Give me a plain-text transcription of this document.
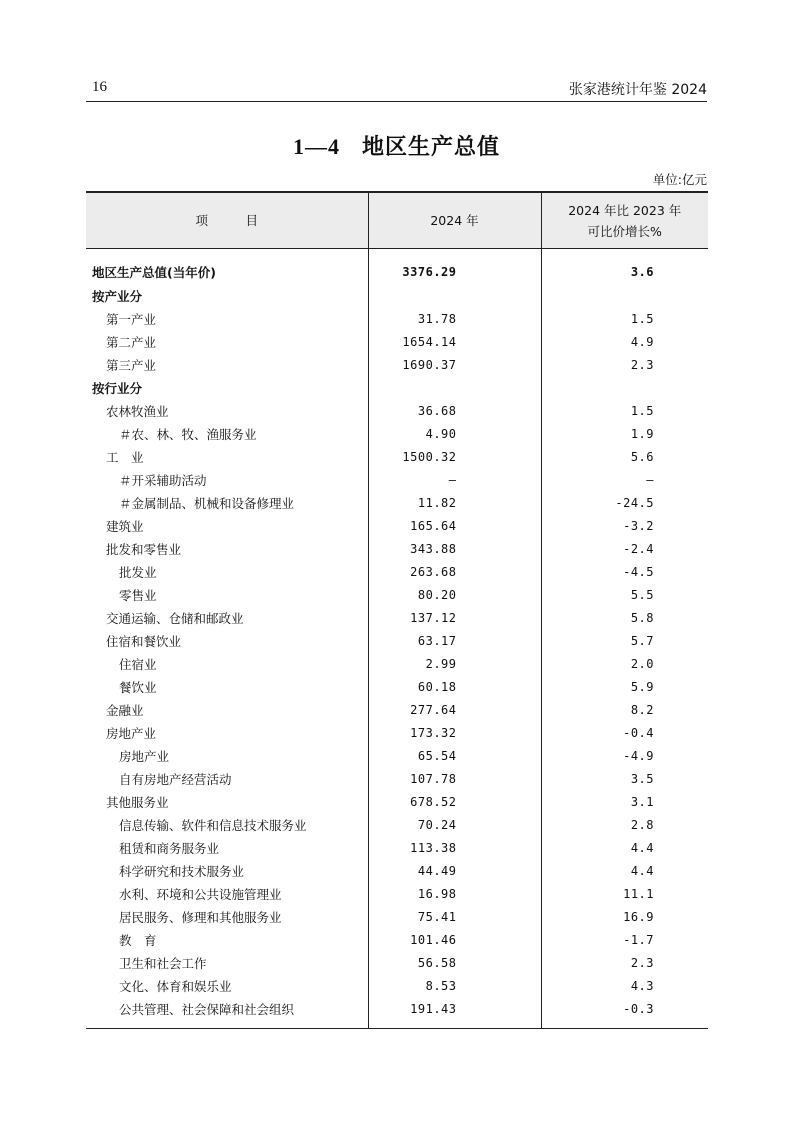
16	张家港统计年鉴 2024
1—4 地区生产总值
单位:亿元
项　　　目	2024 年	2024 年比 2023 年
可比价增长%

地区生产总值(当年价)	3376.29	3.6
按产业分		
第一产业	31.78	1.5
第二产业	1654.14	4.9
第三产业	1690.37	2.3
按行业分		
农林牧渔业	36.68	1.5
＃农、林、牧、渔服务业	4.90	1.9
工　业	1500.32	5.6
＃开采辅助活动	—	—
＃金属制品、机械和设备修理业	11.82	-24.5
建筑业	165.64	-3.2
批发和零售业	343.88	-2.4
批发业	263.68	-4.5
零售业	80.20	5.5
交通运输、仓储和邮政业	137.12	5.8
住宿和餐饮业	63.17	5.7
住宿业	2.99	2.0
餐饮业	60.18	5.9
金融业	277.64	8.2
房地产业	173.32	-0.4
房地产业	65.54	-4.9
自有房地产经营活动	107.78	3.5
其他服务业	678.52	3.1
信息传输、软件和信息技术服务业	70.24	2.8
租赁和商务服务业	113.38	4.4
科学研究和技术服务业	44.49	4.4
水利、环境和公共设施管理业	16.98	11.1
居民服务、修理和其他服务业	75.41	16.9
教　育	101.46	-1.7
卫生和社会工作	56.58	2.3
文化、体育和娱乐业	8.53	4.3
公共管理、社会保障和社会组织	191.43	-0.3
